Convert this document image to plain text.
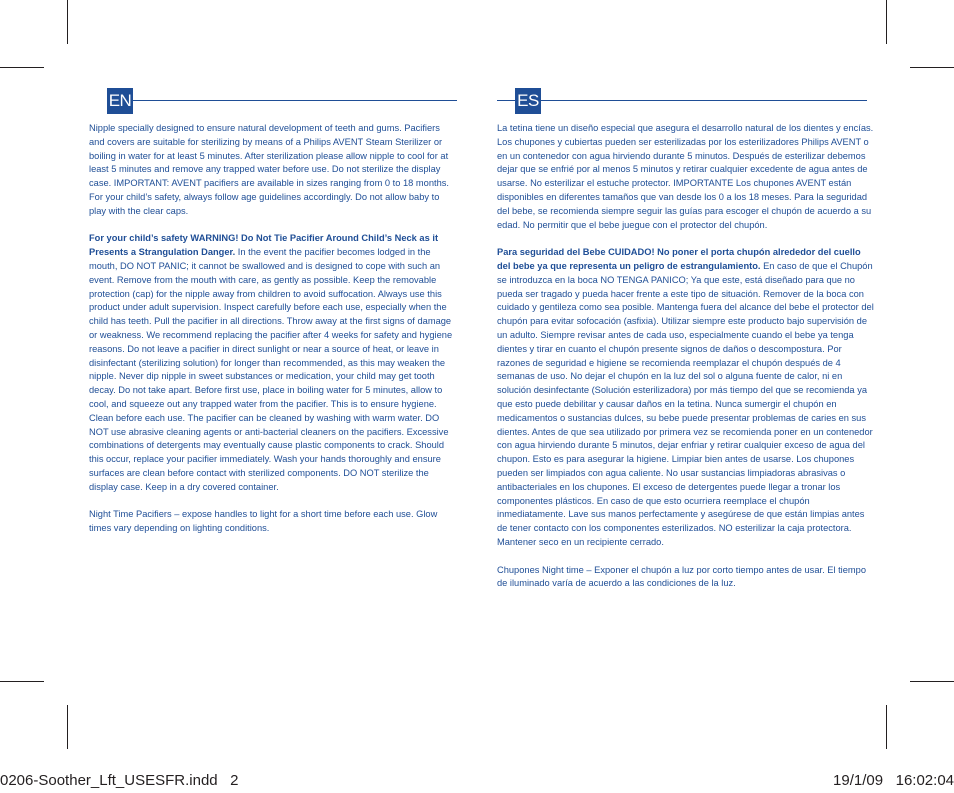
EN	ES

Nipple specially designed to ensure natural development of teeth and gums. Pacifiers and covers are suitable for sterilizing by means of a Philips AVENT Steam Sterilizer or boiling in water for at least 5 minutes. After sterilization please allow nipple to cool for at least 5 minutes and remove any trapped water before use. Do not sterilize the display case. IMPORTANT: AVENT pacifiers are available in sizes ranging from 0 to 18 months. For your child’s safety, always follow age guidelines accordingly. Do not allow baby to play with the clear caps.

For your child’s safety WARNING! Do Not Tie Pacifier Around Child’s Neck as it Presents a Strangulation Danger. In the event the pacifier becomes lodged in the mouth, DO NOT PANIC; it cannot be swallowed and is designed to cope with such an event. Remove from the mouth with care, as gently as possible. Keep the removable protection (cap) for the nipple away from children to avoid suffocation. Always use this product under adult supervision. Inspect carefully before each use, especially when the child has teeth. Pull the pacifier in all directions. Throw away at the first signs of damage or weakness. We recommend replacing the pacifier after 4 weeks for safety and hygiene reasons. Do not leave a pacifier in direct sunlight or near a source of heat, or leave in disinfectant (sterilizing solution) for longer than recommended, as this may weaken the nipple. Never dip nipple in sweet substances or medication, your child may get tooth decay. Do not take apart. Before first use, place in boiling water for 5 minutes, allow to cool, and squeeze out any trapped water from the pacifier. This is to ensure hygiene. Clean before each use. The pacifier can be cleaned by washing with warm water. DO NOT use abrasive cleaning agents or anti-bacterial cleaners on the pacifiers. Excessive combinations of detergents may eventually cause plastic components to crack. Should this occur, replace your pacifier immediately. Wash your hands thoroughly and ensure surfaces are clean before contact with sterilized components. DO NOT sterilize the display case. Keep in a dry covered container.

Night Time Pacifiers – expose handles to light for a short time before each use. Glow times vary depending on lighting conditions.

La tetina tiene un diseño especial que asegura el desarrollo natural de los dientes y encías. Los chupones y cubiertas pueden ser esterilizadas por los esterilizadores Philips AVENT o en un contenedor con agua hirviendo durante 5 minutos. Después de esterilizar debemos dejar que se enfrié por al menos 5 minutos y retirar cualquier excedente de agua antes de usarse. No esterilizar el estuche protector. IMPORTANTE Los chupones AVENT están disponibles en diferentes tamaños que van desde los 0 a los 18 meses. Para la seguridad del bebe, se recomienda siempre seguir las guías para escoger el chupón de acuerdo a su edad. No permitir que el bebe juegue con el protector del chupón.

Para seguridad del Bebe CUIDADO! No poner el porta chupón alrededor del cuello del bebe ya que representa un peligro de estrangulamiento. En caso de que el Chupón se introduzca en la boca NO TENGA PANICO; Ya que este, está diseñado para que no pueda ser tragado y pueda hacer frente a este tipo de situación. Remover de la boca con cuidado y gentileza como sea posible. Mantenga fuera del alcance del bebe el protector del chupón para evitar sofocación (asfixia). Utilizar siempre este producto bajo supervisión de un adulto. Siempre revisar antes de cada uso, especialmente cuando el bebe ya tenga dientes y tirar en cuanto el chupón presente signos de daños o descompostura. Por razones de seguridad e higiene se recomienda reemplazar el chupón después de 4 semanas de uso. No dejar el chupón en la luz del sol o alguna fuente de calor, ni en solución desinfectante (Solución esterilizadora) por más tiempo del que se recomienda ya que esto puede debilitar y causar daños en la tetina. Nunca sumergir el chupón en medicamentos o sustancias dulces, su bebe puede presentar problemas de caries en sus dientes. Antes de que sea utilizado por primera vez se recomienda poner en un contenedor con agua hirviendo durante 5 minutos, dejar enfriar y retirar cualquier exceso de agua del chupon. Esto es para asegurar la higiene. Limpiar bien antes de usarse. Los chupones pueden ser limpiados con agua caliente. No usar sustancias limpiadoras abrasivas o antibacteriales en los chupones. El exceso de detergentes puede llegar a tronar los componentes plásticos. En caso de que esto ocurriera reemplace el chupón inmediatamente. Lave sus manos perfectamente y asegúrese de que están limpias antes de tener contacto con los componentes esterilizados. NO esterilizar la caja protectora. Mantener seco en un recipiente cerrado.

Chupones Night time – Exponer el chupón a luz por corto tiempo antes de usar. El tiempo de iluminado varía de acuerdo a las condiciones de la luz.

0206-Soother_Lft_USESFR.indd 2	19/1/09 16:02:04
